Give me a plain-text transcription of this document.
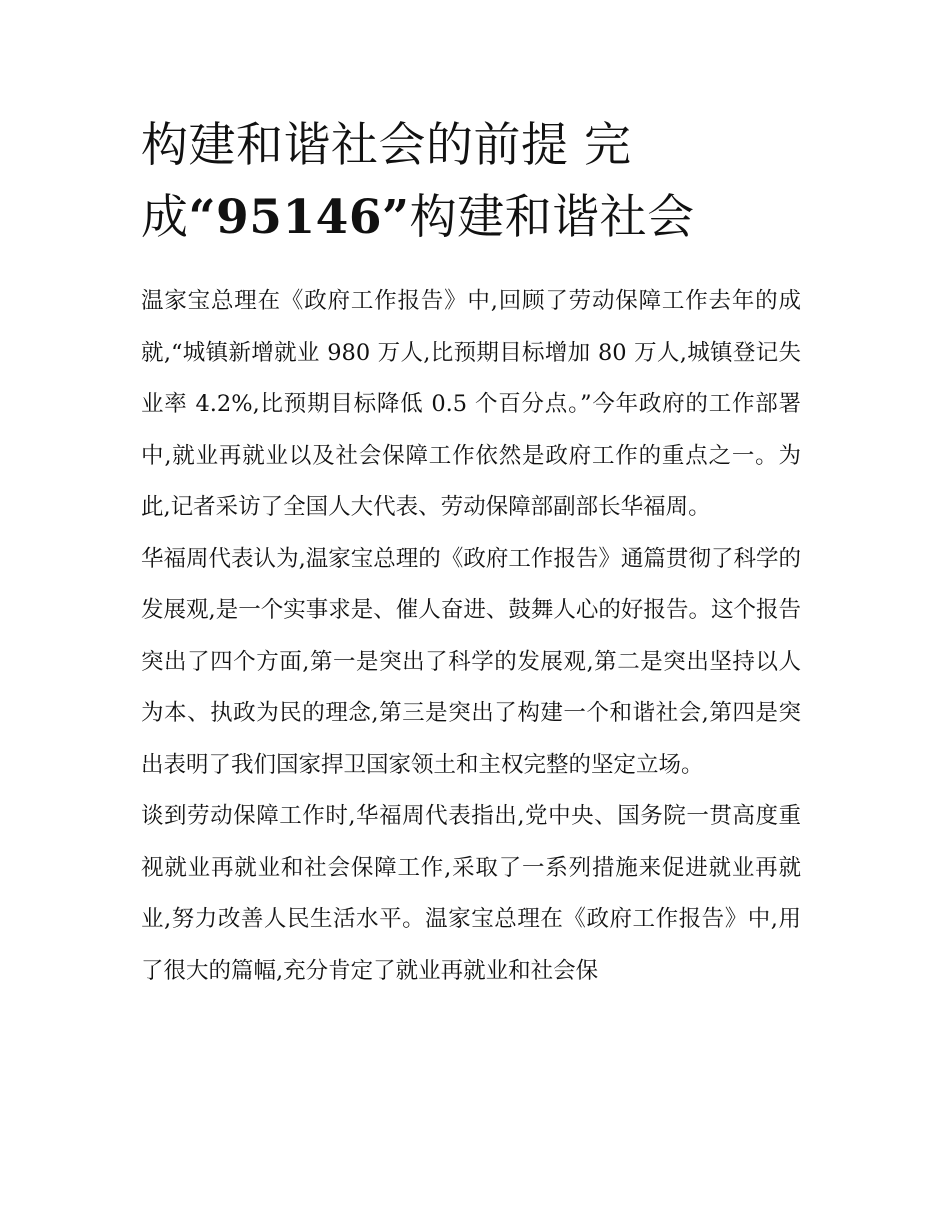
构建和谐社会的前提 完成“95146”构建和谐社会

温家宝总理在《政府工作报告》中,回顾了劳动保障工作去年的成就,“城镇新增就业 980 万人,比预期目标增加 80 万人,城镇登记失业率 4.2%,比预期目标降低 0.5 个百分点。”今年政府的工作部署中,就业再就业以及社会保障工作依然是政府工作的重点之一。为此,记者采访了全国人大代表、劳动保障部副部长华福周。

华福周代表认为,温家宝总理的《政府工作报告》通篇贯彻了科学的发展观,是一个实事求是、催人奋进、鼓舞人心的好报告。这个报告突出了四个方面,第一是突出了科学的发展观,第二是突出坚持以人为本、执政为民的理念,第三是突出了构建一个和谐社会,第四是突出表明了我们国家捍卫国家领土和主权完整的坚定立场。

谈到劳动保障工作时,华福周代表指出,党中央、国务院一贯高度重视就业再就业和社会保障工作,采取了一系列措施来促进就业再就业,努力改善人民生活水平。温家宝总理在《政府工作报告》中,用了很大的篇幅,充分肯定了就业再就业和社会保
